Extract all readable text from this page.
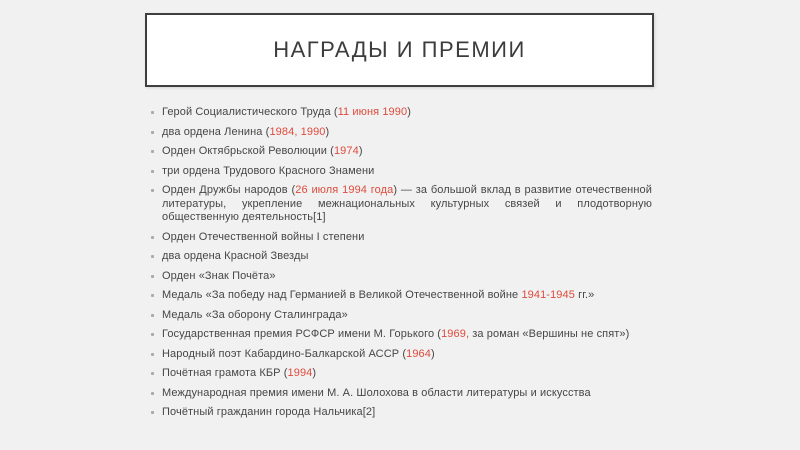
НАГРАДЫ И ПРЕМИИ
Герой Социалистического Труда (11 июня 1990)
два ордена Ленина (1984, 1990)
Орден Октябрьской Революции (1974)
три ордена Трудового Красного Знамени
Орден Дружбы народов (26 июля 1994 года) — за большой вклад в развитие отечественной литературы, укрепление межнациональных культурных связей и плодотворную общественную деятельность[1]
Орден Отечественной войны I степени
два ордена Красной Звезды
Орден «Знак Почёта»
Медаль «За победу над Германией в Великой Отечественной войне 1941-1945 гг.»
Медаль «За оборону Сталинграда»
Государственная премия РСФСР имени М. Горького (1969, за роман «Вершины не спят»)
Народный поэт Кабардино-Балкарской АССР (1964)
Почётная грамота КБР (1994)
Международная премия имени М. А. Шолохова в области литературы и искусства
Почётный гражданин города Нальчика[2]
